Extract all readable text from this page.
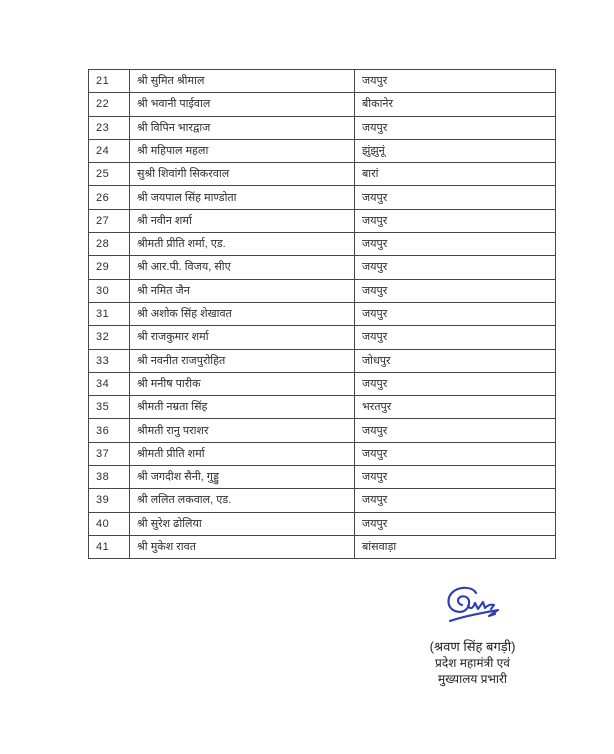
21	श्री सुमित श्रीमाल	जयपुर
22	श्री भवानी पाईवाल	बीकानेर
23	श्री विपिन भारद्वाज	जयपुर
24	श्री महिपाल महला	झुंझुनूं
25	सुश्री शिवांगी सिकरवाल	बारां
26	श्री जयपाल सिंह माण्डोता	जयपुर
27	श्री नवीन शर्मा	जयपुर
28	श्रीमती प्रीति शर्मा, एड.	जयपुर
29	श्री आर.पी. विजय, सीए	जयपुर
30	श्री नमित जैन	जयपुर
31	श्री अशोक सिंह शेखावत	जयपुर
32	श्री राजकुमार शर्मा	जयपुर
33	श्री नवनीत राजपुरोहित	जोधपुर
34	श्री मनीष पारीक	जयपुर
35	श्रीमती नम्रता सिंह	भरतपुर
36	श्रीमती रानु पराशर	जयपुर
37	श्रीमती प्रीति शर्मा	जयपुर
38	श्री जगदीश सैनी, गुड्डु	जयपुर
39	श्री ललित लकवाल, एड.	जयपुर
40	श्री सुरेश ढोलिया	जयपुर
41	श्री मुकेश रावत	बांसवाड़ा
(श्रवण सिंह बगड़ी)
प्रदेश महामंत्री एवं
मुख्यालय प्रभारी
